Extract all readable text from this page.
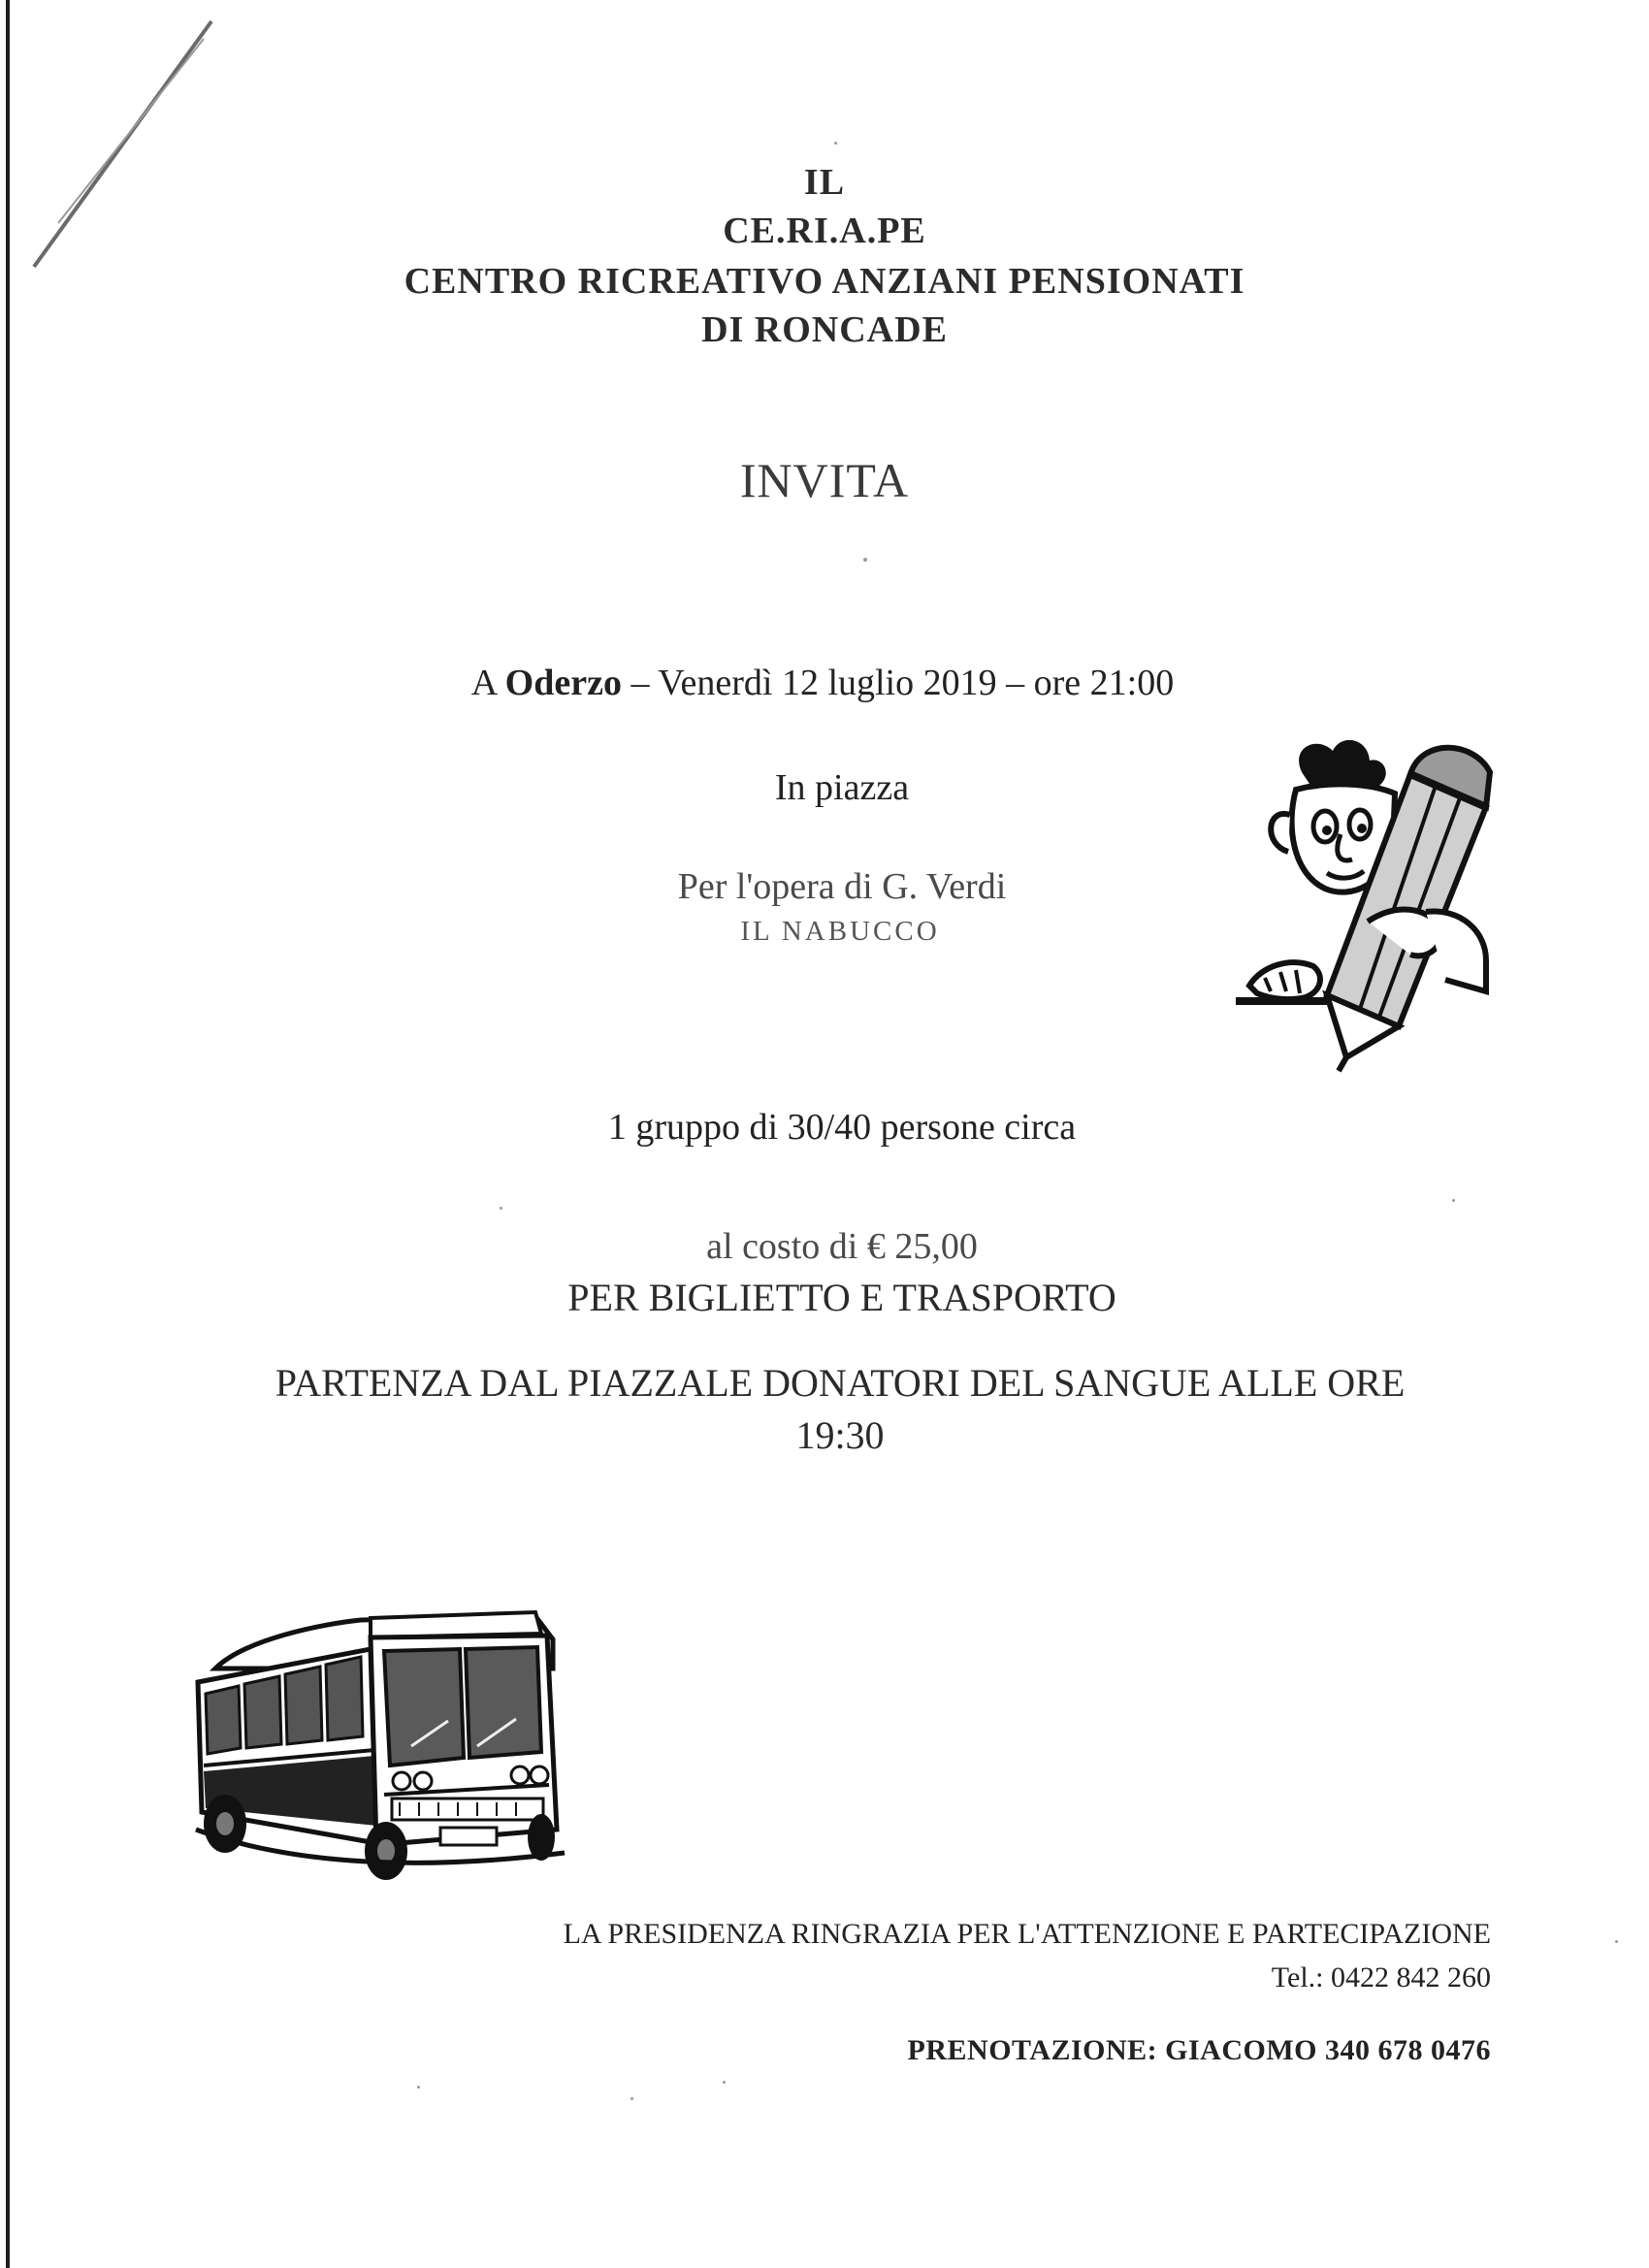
IL
CE.RI.A.PE
CENTRO RICREATIVO ANZIANI PENSIONATI
DI RONCADE
INVITA
A Oderzo – Venerdì 12 luglio 2019 – ore 21:00
In piazza
Per l'opera di G. Verdi
IL NABUCCO
1 gruppo di 30/40 persone circa
al costo di € 25,00
PER BIGLIETTO E TRASPORTO
PARTENZA DAL PIAZZALE DONATORI DEL SANGUE ALLE ORE
19:30
LA PRESIDENZA RINGRAZIA PER L'ATTENZIONE E PARTECIPAZIONE
Tel.: 0422 842 260
PRENOTAZIONE: GIACOMO 340 678 0476
